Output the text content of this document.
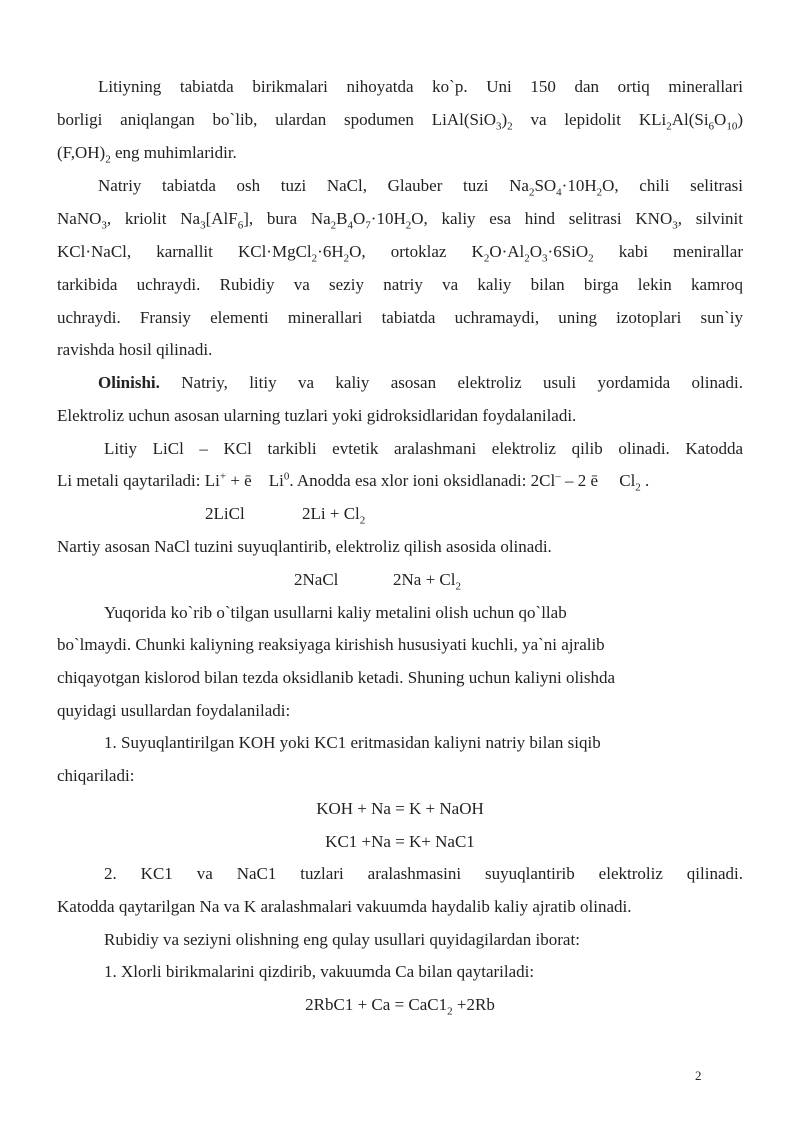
Litiyning tabiatda birikmalari nihoyatda ko`p. Uni 150 dan ortiq minerallari
borligi aniqlangan bo`lib, ulardan spodumen $LiAl(SiO_3)_2$ va lepidolit $KLi_2Al(Si_6O_{10})$
$(F,OH)_2$ eng muhimlaridir.
Natriy tabiatda osh tuzi NaCl, Glauber tuzi $Na_2SO_4\cdot 10H_2O$, chili selitrasi
NaNO$_3$, kriolit $Na_3[AlF_6]$, bura $Na_2B_4O_7\cdot 10H_2O$, kaliy esa hind selitrasi $KNO_3$, silvinit
KCl·NaCl, karnallit $KCl\cdot MgCl_2\cdot 6H_2O$, ortoklaz $K_2O\cdot Al_2O_3\cdot 6SiO_2$ kabi menirallar
tarkibida uchraydi. Rubidiy va seziy natriy va kaliy bilan birga lekin kamroq
uchraydi. Fransiy elementi minerallari tabiatda uchramaydi, uning izotoplari sun`iy
ravishda hosil qilinadi.
Olinishi. Natriy, litiy va kaliy asosan elektroliz usuli yordamida olinadi.
Elektroliz uchun asosan ularning tuzlari yoki gidroksidlaridan foydalaniladi.
Litiy LiCl – KCl tarkibli evtetik aralashmani elektroliz qilib olinadi. Katodda
Li metali qaytariladi: Li+ + ē    Li$^0$. Anodda esa xlor ioni oksidlanadi: 2Cl– – 2 ē     $Cl_2$ .
2LiCl	$2Li + Cl_2$
Nartiy asosan NaCl tuzini suyuqlantirib, elektroliz qilish asosida olinadi.
2NaCl	$2Na + Cl_2$
Yuqorida ko`rib o`tilgan usullarni kaliy metalini olish uchun qo`llab
bo`lmaydi. Chunki kaliyning reaksiyaga kirishish hususiyati kuchli, ya`ni ajralib
chiqayotgan kislorod bilan tezda oksidlanib ketadi. Shuning uchun kaliyni olishda
quyidagi usullardan foydalaniladi:
1. Suyuqlantirilgan KOH yoki KC1 eritmasidan kaliyni natriy bilan siqib
chiqariladi:
KOH + Na = K + NaOH
KC1 +Na = K+ NaC1
2. KC1 va NaC1 tuzlari aralashmasini suyuqlantirib elektroliz qilinadi.
Katodda qaytarilgan Na va K aralashmalari vakuumda haydalib kaliy ajratib olinadi.
Rubidiy va seziyni olishning eng qulay usullari quyidagilardan iborat:
1. Xlorli birikmalarini qizdirib, vakuumda Ca bilan qaytariladi:
$2RbC1 + Ca = CaC1_2 +2Rb$
2
